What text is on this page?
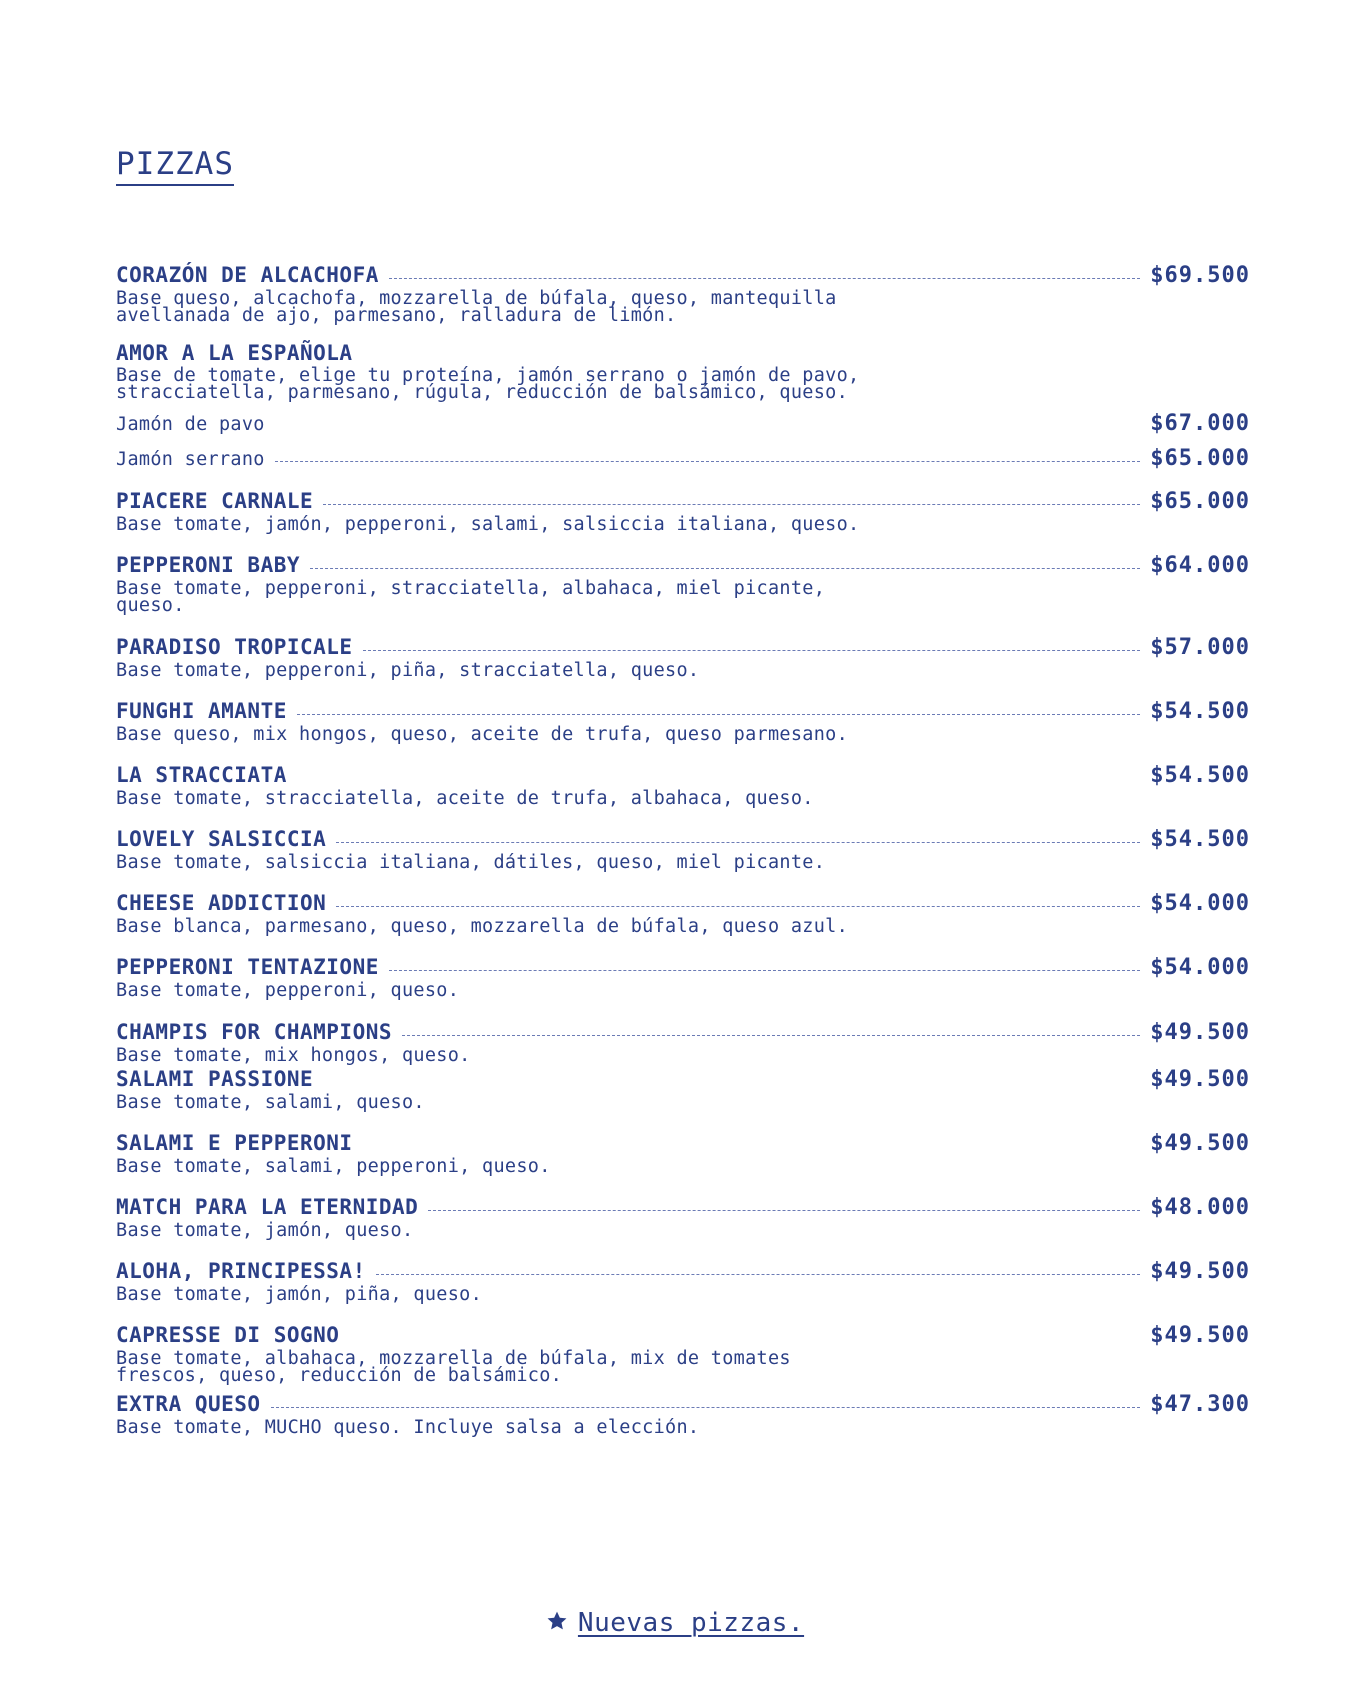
PIZZAS
CORAZÓN DE ALCACHOFA	$69.500
Base queso, alcachofa, mozzarella de búfala, queso, mantequilla avellanada de ajo, parmesano, ralladura de limón.
AMOR A LA ESPAÑOLA
Base de tomate, elige tu proteína, jamón serrano o jamón de pavo, stracciatella, parmesano, rúgula, reducción de balsámico, queso.
Jamón de pavo	$67.000
Jamón serrano	$65.000
PIACERE CARNALE	$65.000
Base tomate, jamón, pepperoni, salami, salsiccia italiana, queso.
PEPPERONI BABY	$64.000
Base tomate, pepperoni, stracciatella, albahaca, miel picante, queso.
PARADISO TROPICALE	$57.000
Base tomate, pepperoni, piña, stracciatella, queso.
FUNGHI AMANTE	$54.500
Base queso, mix hongos, queso, aceite de trufa, queso parmesano.
LA STRACCIATA	$54.500
Base tomate, stracciatella, aceite de trufa, albahaca, queso.
LOVELY SALSICCIA	$54.500
Base tomate, salsiccia italiana, dátiles, queso, miel picante.
CHEESE ADDICTION	$54.000
Base blanca, parmesano, queso, mozzarella de búfala, queso azul.
PEPPERONI TENTAZIONE	$54.000
Base tomate, pepperoni, queso.
CHAMPIS FOR CHAMPIONS	$49.500
Base tomate, mix hongos, queso.
SALAMI PASSIONE	$49.500
Base tomate, salami, queso.
SALAMI E PEPPERONI	$49.500
Base tomate, salami, pepperoni, queso.
MATCH PARA LA ETERNIDAD	$48.000
Base tomate, jamón, queso.
ALOHA, PRINCIPESSA!	$49.500
Base tomate, jamón, piña, queso.
CAPRESSE DI SOGNO	$49.500
Base tomate, albahaca, mozzarella de búfala, mix de tomates frescos, queso, reducción de balsámico.
EXTRA QUESO	$47.300
Base tomate, MUCHO queso. Incluye salsa a elección.
Nuevas pizzas.
